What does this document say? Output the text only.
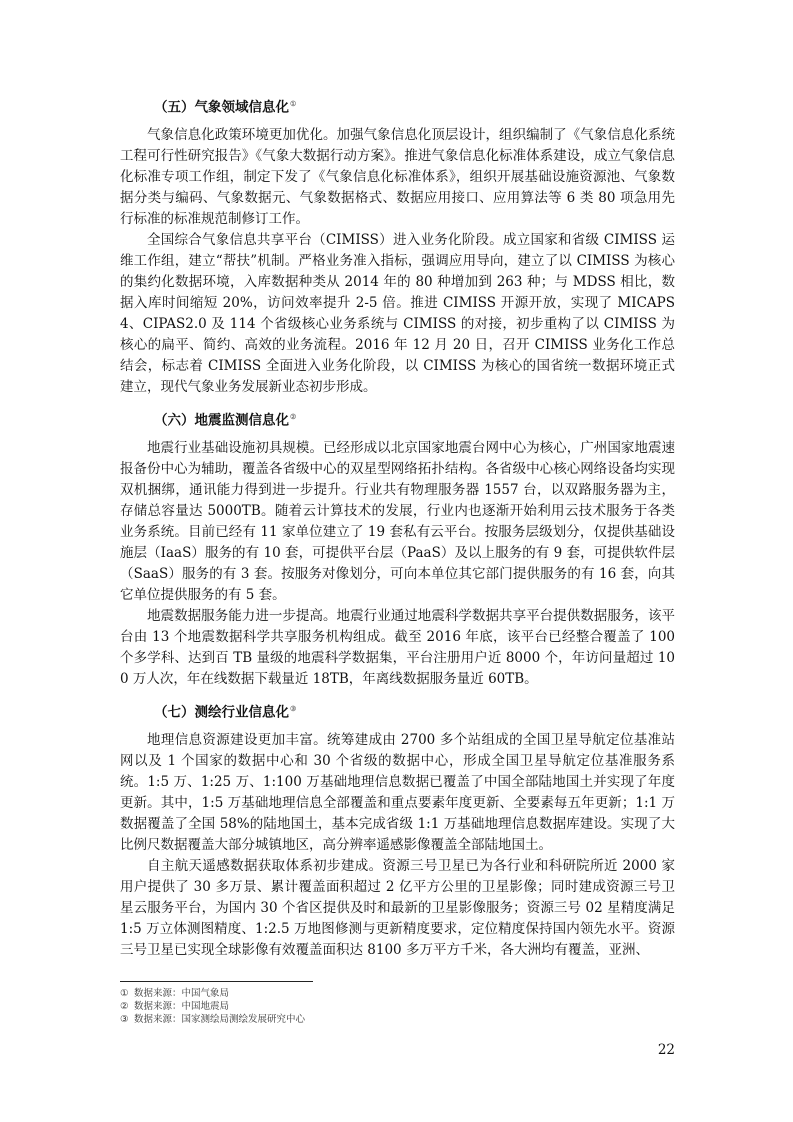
（五）气象领域信息化①

气象信息化政策环境更加优化。加强气象信息化顶层设计，组织编制了《气象信息化系统工程可行性研究报告》《气象大数据行动方案》。推进气象信息化标准体系建设，成立气象信息化标准专项工作组，制定下发了《气象信息化标准体系》，组织开展基础设施资源池、气象数据分类与编码、气象数据元、气象数据格式、数据应用接口、应用算法等 6 类 80 项急用先行标准的标准规范制修订工作。

全国综合气象信息共享平台（CIMISS）进入业务化阶段。成立国家和省级 CIMISS 运维工作组，建立“帮扶”机制。严格业务准入指标，强调应用导向，建立了以 CIMISS 为核心的集约化数据环境，入库数据种类从 2014 年的 80 种增加到 263 种；与 MDSS 相比，数据入库时间缩短 20%，访问效率提升 2-5 倍。推进 CIMISS 开源开放，实现了 MICAPS4、CIPAS2.0 及 114 个省级核心业务系统与 CIMISS 的对接，初步重构了以 CIMISS 为核心的扁平、简约、高效的业务流程。2016 年 12 月 20 日，召开 CIMISS 业务化工作总结会，标志着 CIMISS 全面进入业务化阶段，以 CIMISS 为核心的国省统一数据环境正式建立，现代气象业务发展新业态初步形成。

（六）地震监测信息化②

地震行业基础设施初具规模。已经形成以北京国家地震台网中心为核心，广州国家地震速报备份中心为辅助，覆盖各省级中心的双星型网络拓扑结构。各省级中心核心网络设备均实现双机捆绑，通讯能力得到进一步提升。行业共有物理服务器 1557 台，以双路服务器为主，存储总容量达 5000TB。随着云计算技术的发展，行业内也逐渐开始利用云技术服务于各类业务系统。目前已经有 11 家单位建立了 19 套私有云平台。按服务层级划分，仅提供基础设施层（IaaS）服务的有 10 套，可提供平台层（PaaS）及以上服务的有 9 套，可提供软件层（SaaS）服务的有 3 套。按服务对像划分，可向本单位其它部门提供服务的有 16 套，向其它单位提供服务的有 5 套。

地震数据服务能力进一步提高。地震行业通过地震科学数据共享平台提供数据服务，该平台由 13 个地震数据科学共享服务机构组成。截至 2016 年底，该平台已经整合覆盖了 100 个多学科、达到百 TB 量级的地震科学数据集，平台注册用户近 8000 个，年访问量超过 100 万人次，年在线数据下载量近 18TB，年离线数据服务量近 60TB。

（七）测绘行业信息化③

地理信息资源建设更加丰富。统筹建成由 2700 多个站组成的全国卫星导航定位基准站网以及 1 个国家的数据中心和 30 个省级的数据中心，形成全国卫星导航定位基准服务系统。1:5 万、1:25 万、1:100 万基础地理信息数据已覆盖了中国全部陆地国土并实现了年度更新。其中，1:5 万基础地理信息全部覆盖和重点要素年度更新、全要素每五年更新；1:1 万数据覆盖了全国 58%的陆地国土，基本完成省级 1:1 万基础地理信息数据库建设。实现了大比例尺数据覆盖大部分城镇地区，高分辨率遥感影像覆盖全部陆地国土。

自主航天遥感数据获取体系初步建成。资源三号卫星已为各行业和科研院所近 2000 家用户提供了 30 多万景、累计覆盖面积超过 2 亿平方公里的卫星影像；同时建成资源三号卫星云服务平台，为国内 30 个省区提供及时和最新的卫星影像服务；资源三号 02 星精度满足 1:5 万立体测图精度、1:2.5 万地图修测与更新精度要求，定位精度保持国内领先水平。资源三号卫星已实现全球影像有效覆盖面积达 8100 多万平方千米，各大洲均有覆盖，亚洲、

① 数据来源：中国气象局

② 数据来源：中国地震局

③ 数据来源：国家测绘局测绘发展研究中心

22
